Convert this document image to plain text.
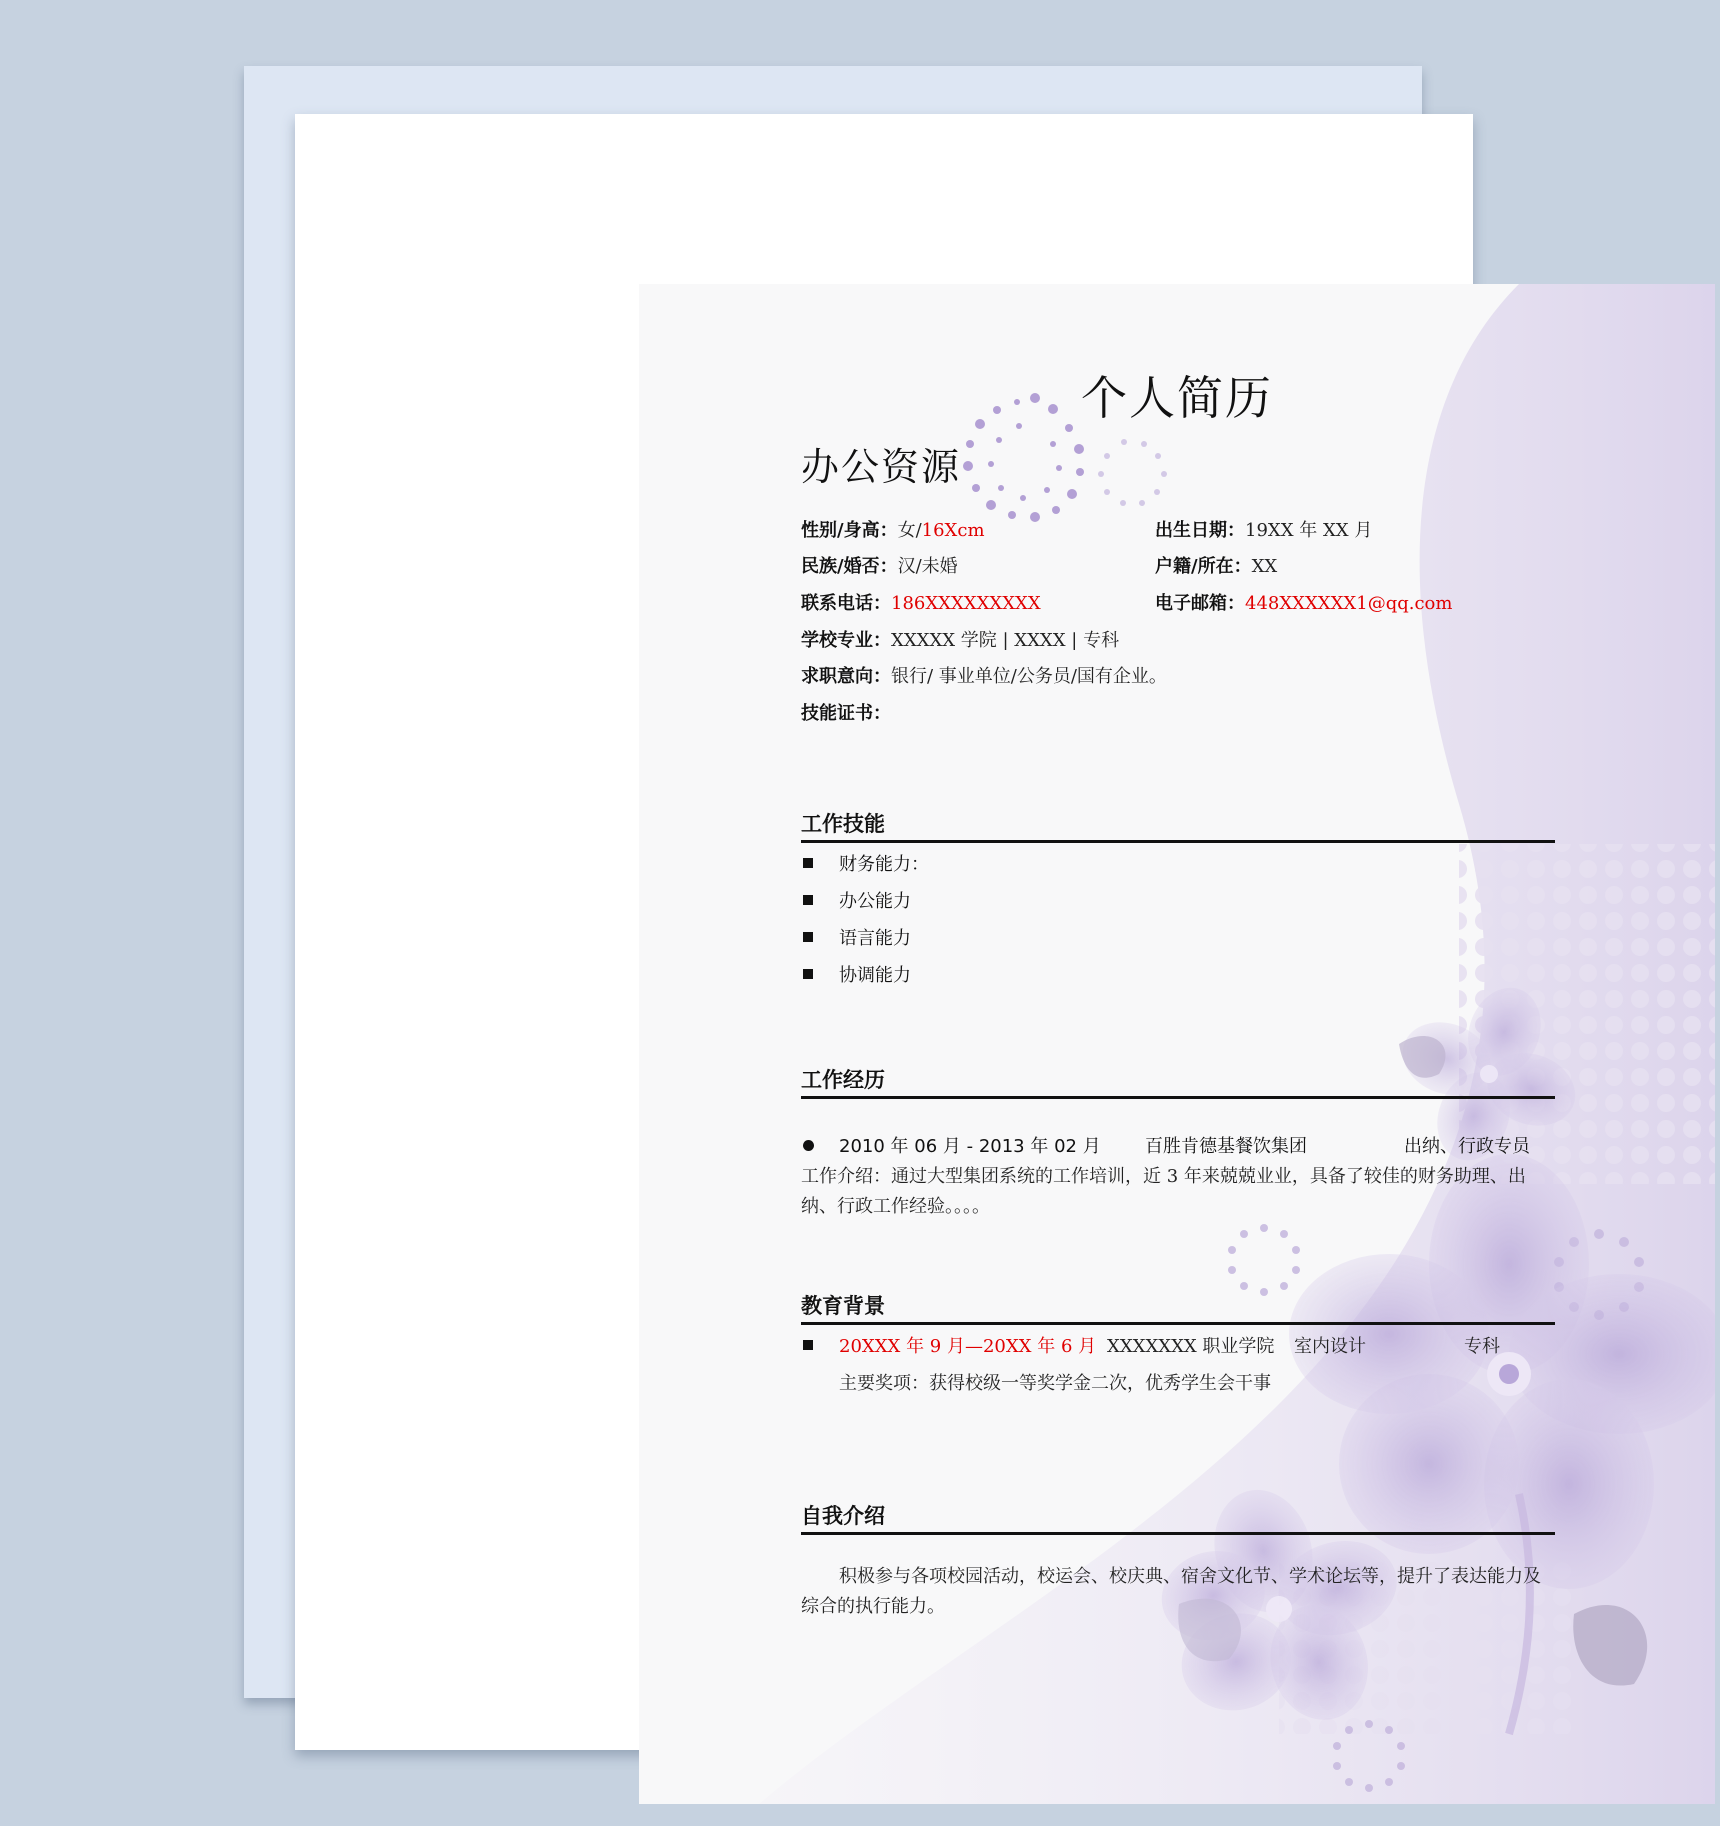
个人简历
办公资源
性别/身高：女/16Xcm	出生日期：19XX 年 XX 月
民族/婚否：汉/未婚	户籍/所在：XX
联系电话：186XXXXXXXXX	电子邮箱：448XXXXXX1@qq.com
学校专业：XXXXX 学院 | XXXX | 专科
求职意向：银行/ 事业单位/公务员/国有企业。
技能证书：
工作技能
财务能力：
办公能力
语言能力
协调能力
工作经历
2010 年 06 月 - 2013 年 02 月 百胜肯德基餐饮集团	出纳、行政专员
工作介绍：通过大型集团系统的工作培训，近 3 年来兢兢业业，具备了较佳的财务助理、出纳、行政工作经验。。。。
教育背景
20XXX 年 9 月—20XX 年 6 月 XXXXXXX 职业学院 室内设计	专科
主要奖项：获得校级一等奖学金二次，优秀学生会干事
自我介绍
积极参与各项校园活动，校运会、校庆典、宿舍文化节、学术论坛等，提升了表达能力及综合的执行能力。
